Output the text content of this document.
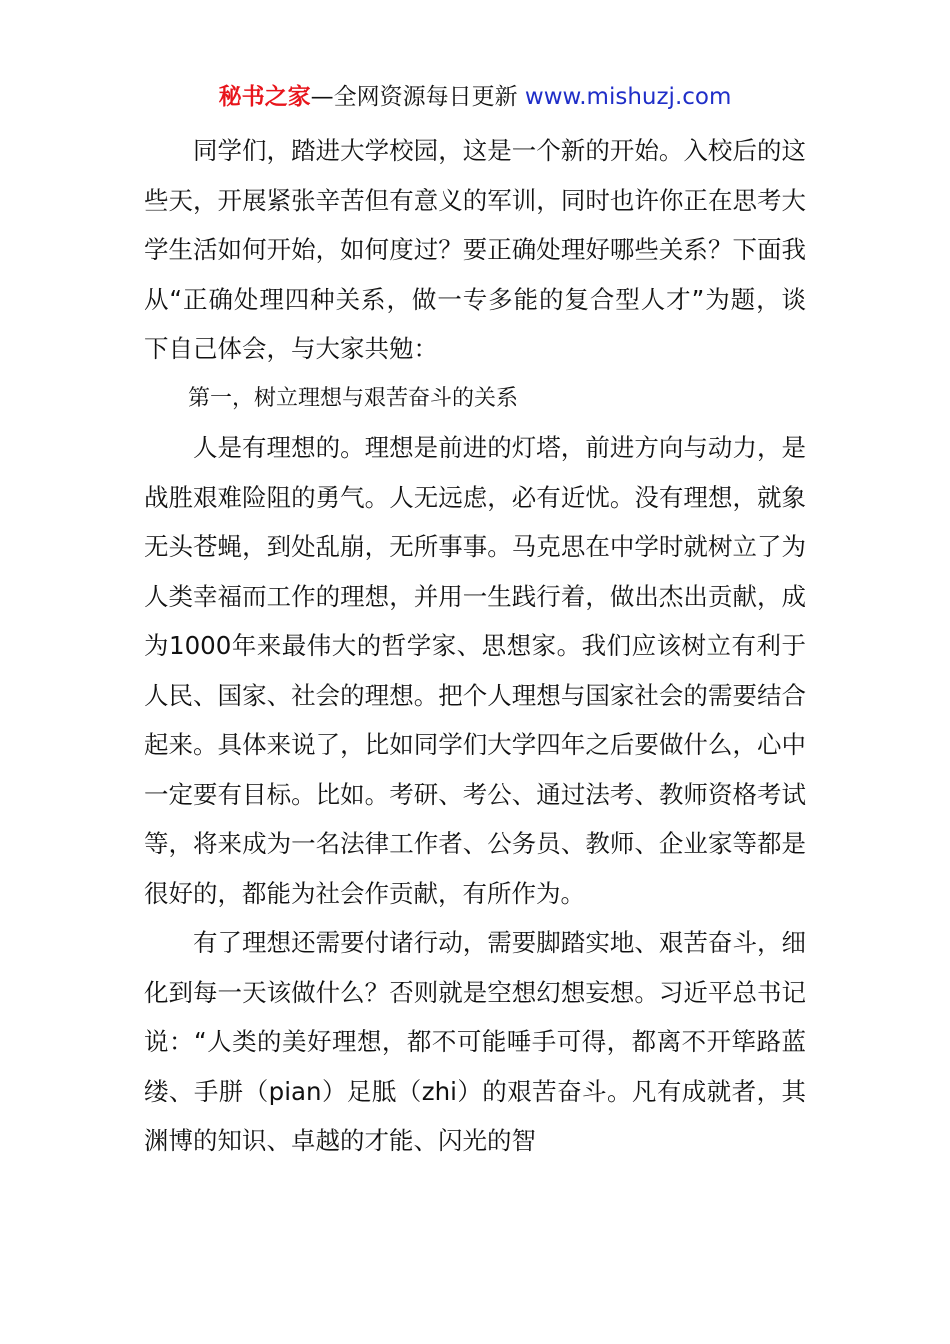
秘书之家—全网资源每日更新 www.mishuzj.com

同学们，踏进大学校园，这是一个新的开始。入校后的这些天，开展紧张辛苦但有意义的军训，同时也许你正在思考大学生活如何开始，如何度过？要正确处理好哪些关系？下面我从“正确处理四种关系，做一专多能的复合型人才”为题，谈下自己体会，与大家共勉：

第一，树立理想与艰苦奋斗的关系

人是有理想的。理想是前进的灯塔，前进方向与动力，是战胜艰难险阻的勇气。人无远虑，必有近忧。没有理想，就象无头苍蝇，到处乱崩，无所事事。马克思在中学时就树立了为人类幸福而工作的理想，并用一生践行着，做出杰出贡献，成为1000年来最伟大的哲学家、思想家。我们应该树立有利于人民、国家、社会的理想。把个人理想与国家社会的需要结合起来。具体来说了，比如同学们大学四年之后要做什么，心中一定要有目标。比如。考研、考公、通过法考、教师资格考试等，将来成为一名法律工作者、公务员、教师、企业家等都是很好的，都能为社会作贡献，有所作为。

有了理想还需要付诸行动，需要脚踏实地、艰苦奋斗，细化到每一天该做什么？否则就是空想幻想妄想。习近平总书记说：“人类的美好理想，都不可能唾手可得，都离不开筚路蓝缕、手胼（pian）足胝（zhi）的艰苦奋斗。凡有成就者，其渊博的知识、卓越的才能、闪光的智
